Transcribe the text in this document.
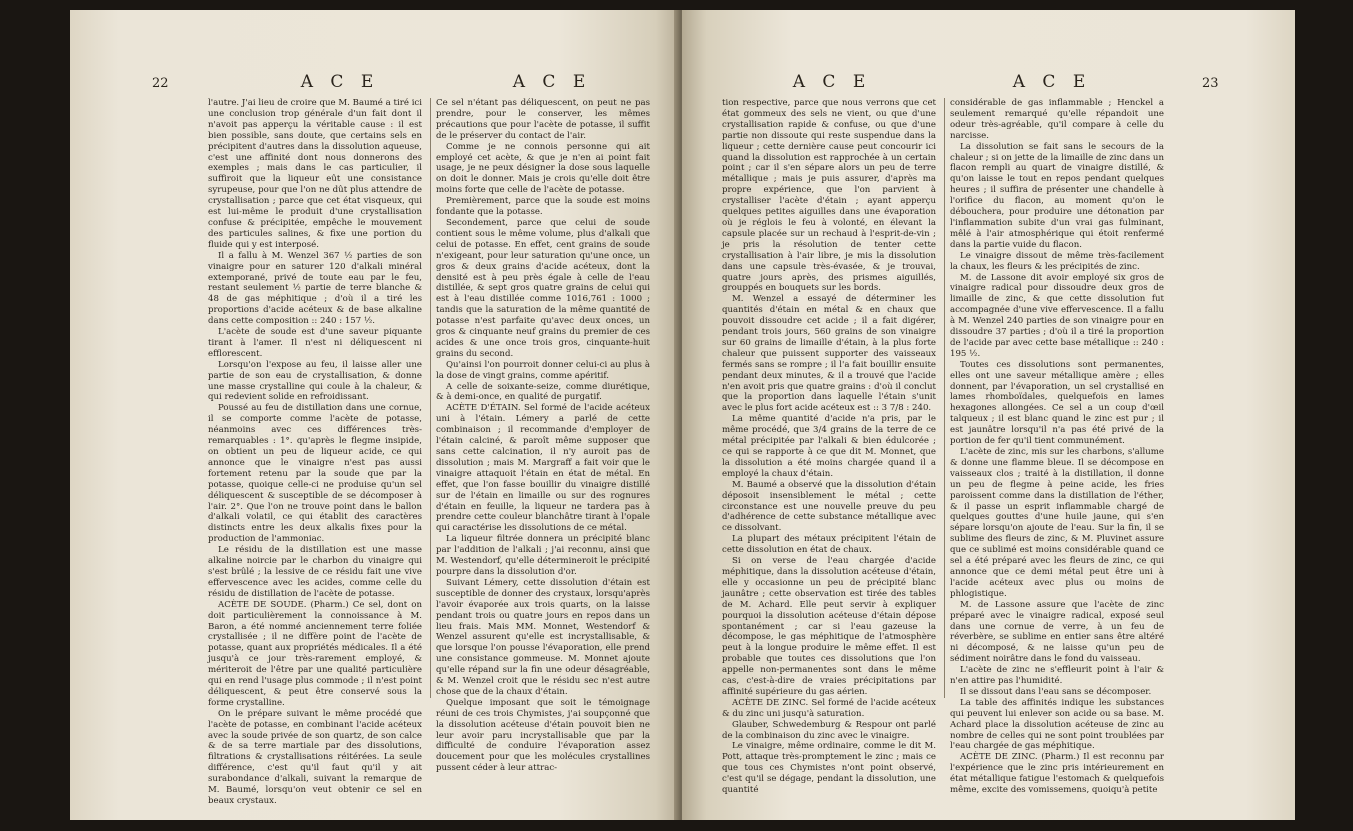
22	A C E	A C E

l'autre. J'ai lieu de croire que M. Baumé a tiré ici une conclusion trop générale d'un fait dont il n'avoit pas apperçu la véritable cause : il est bien possible, sans doute, que certains sels en précipitent d'autres dans la dissolution aqueuse, c'est une affinité dont nous donnerons des exemples ; mais dans le cas particulier, il suffiroit que la liqueur eût une consistance syrupeuse, pour que l'on ne dût plus attendre de crystallisation ; parce que cet état visqueux, qui est lui-même le produit d'une crystallisation confuse & précipitée, empêche le mouvement des particules salines, & fixe une portion du fluide qui y est interposé.

Il a fallu à M. Wenzel 367 ½ parties de son vinaigre pour en saturer 120 d'alkali minéral extemporané, privé de toute eau par le feu, restant seulement ½ partie de terre blanche & 48 de gas méphitique ; d'où il a tiré les proportions d'acide acéteux & de base alkaline dans cette composition :: 240 : 157 ½.

L'acète de soude est d'une saveur piquante tirant à l'amer. Il n'est ni déliquescent ni efflorescent.

Lorsqu'on l'expose au feu, il laisse aller une partie de son eau de crystallisation, & donne une masse crystalline qui coule à la chaleur, & qui redevient solide en refroidissant.

Poussé au feu de distillation dans une cornue, il se comporte comme l'acète de potasse, néanmoins avec ces différences très-remarquables : 1°. qu'après le flegme insipide, on obtient un peu de liqueur acide, ce qui annonce que le vinaigre n'est pas aussi fortement retenu par la soude que par la potasse, quoique celle-ci ne produise qu'un sel déliquescent & susceptible de se décomposer à l'air. 2°. Que l'on ne trouve point dans le ballon d'alkali volatil, ce qui établit des caractères distincts entre les deux alkalis fixes pour la production de l'ammoniac.

Le résidu de la distillation est une masse alkaline noircie par le charbon du vinaigre qui s'est brûlé ; la lessive de ce résidu fait une vive effervescence avec les acides, comme celle du résidu de distillation de l'acète de potasse.

ACÈTE DE SOUDE. (Pharm.) Ce sel, dont on doit particulièrement la connoissance à M. Baron, a été nommé anciennement terre foliée crystallisée ; il ne diffère point de l'acète de potasse, quant aux propriétés médicales. Il a été jusqu'à ce jour très-rarement employé, & mériteroit de l'être par une qualité particulière qui en rend l'usage plus commode ; il n'est point déliquescent, & peut être conservé sous la forme crystalline.

On le prépare suivant le même procédé que l'acète de potasse, en combinant l'acide acéteux avec la soude privée de son quartz, de son calce & de sa terre martiale par des dissolutions, filtrations & crystallisations réitérées. La seule différence, c'est qu'il faut qu'il y ait surabondance d'alkali, suivant la remarque de M. Baumé, lorsqu'on veut obtenir ce sel en beaux crystaux.

Ce sel n'étant pas déliquescent, on peut ne pas prendre, pour le conserver, les mêmes précautions que pour l'acète de potasse, il suffit de le préserver du contact de l'air.

Comme je ne connois personne qui ait employé cet acète, & que je n'en ai point fait usage, je ne peux désigner la dose sous laquelle on doit le donner. Mais je crois qu'elle doit être moins forte que celle de l'acète de potasse.

Premièrement, parce que la soude est moins fondante que la potasse.

Secondement, parce que celui de soude contient sous le même volume, plus d'alkali que celui de potasse. En effet, cent grains de soude n'exigeant, pour leur saturation qu'une once, un gros & deux grains d'acide acéteux, dont la densité est à peu près égale à celle de l'eau distillée, & sept gros quatre grains de celui qui est à l'eau distillée comme 1016,761 : 1000 ; tandis que la saturation de la même quantité de potasse n'est parfaite qu'avec deux onces, un gros & cinquante neuf grains du premier de ces acides & une once trois gros, cinquante-huit grains du second.

Qu'ainsi l'on pourroit donner celui-ci au plus à la dose de vingt grains, comme apéritif.

A celle de soixante-seize, comme diurétique, & à demi-once, en qualité de purgatif.

ACÈTE D'ÉTAIN. Sel formé de l'acide acéteux uni à l'étain. Lémery a parlé de cette combinaison ; il recommande d'employer de l'étain calciné, & paroît même supposer que sans cette calcination, il n'y auroit pas de dissolution ; mais M. Margraff a fait voir que le vinaigre attaquoit l'étain en état de métal. En effet, que l'on fasse bouillir du vinaigre distillé sur de l'étain en limaille ou sur des rognures d'étain en feuille, la liqueur ne tardera pas à prendre cette couleur blanchâtre tirant à l'opale qui caractérise les dissolutions de ce métal.

La liqueur filtrée donnera un précipité blanc par l'addition de l'alkali ; j'ai reconnu, ainsi que M. Westendorf, qu'elle détermineroit le précipité pourpre dans la dissolution d'or.

Suivant Lémery, cette dissolution d'étain est susceptible de donner des crystaux, lorsqu'après l'avoir évaporée aux trois quarts, on la laisse pendant trois ou quatre jours en repos dans un lieu frais. Mais MM. Monnet, Westendorf & Wenzel assurent qu'elle est incrystallisable, & que lorsque l'on pousse l'évaporation, elle prend une consistance gommeuse. M. Monnet ajoute qu'elle répand sur la fin une odeur désagréable, & M. Wenzel croit que le résidu sec n'est autre chose que de la chaux d'étain.

Quelque imposant que soit le témoignage réuni de ces trois Chymistes, j'ai soupçonné que la dissolution acéteuse d'étain pouvoit bien ne leur avoir paru incrystallisable que par la difficulté de conduire l'évaporation assez doucement pour que les molécules crystallines pussent céder à leur attrac-

A C E	A C E	23

tion respective, parce que nous verrons que cet état gommeux des sels ne vient, ou que d'une crystallisation rapide & confuse, ou que d'une partie non dissoute qui reste suspendue dans la liqueur ; cette dernière cause peut concourir ici quand la dissolution est rapprochée à un certain point ; car il s'en sépare alors un peu de terre métallique ; mais je puis assurer, d'après ma propre expérience, que l'on parvient à crystalliser l'acète d'étain ; ayant apperçu quelques petites aiguilles dans une évaporation où je réglois le feu à volonté, en élevant la capsule placée sur un rechaud à l'esprit-de-vin ; je pris la résolution de tenter cette crystallisation à l'air libre, je mis la dissolution dans une capsule très-évasée, & je trouvai, quatre jours après, des prismes aiguillés, grouppés en bouquets sur les bords.

M. Wenzel a essayé de déterminer les quantités d'étain en métal & en chaux que pouvoit dissoudre cet acide ; il a fait digérer, pendant trois jours, 560 grains de son vinaigre sur 60 grains de limaille d'étain, à la plus forte chaleur que puissent supporter des vaisseaux fermés sans se rompre ; il l'a fait bouillir ensuite pendant deux minutes, & il a trouvé que l'acide n'en avoit pris que quatre grains : d'où il conclut que la proportion dans laquelle l'étain s'unit avec le plus fort acide acéteux est :: 3 7/8 : 240.

La même quantité d'acide n'a pris, par le même procédé, que 3/4 grains de la terre de ce métal précipitée par l'alkali & bien édulcorée ; ce qui se rapporte à ce que dit M. Monnet, que la dissolution a été moins chargée quand il a employé la chaux d'étain.

M. Baumé a observé que la dissolution d'étain déposoit insensiblement le métal ; cette circonstance est une nouvelle preuve du peu d'adhérence de cette substance métallique avec ce dissolvant.

La plupart des métaux précipitent l'étain de cette dissolution en état de chaux.

Si on verse de l'eau chargée d'acide méphitique, dans la dissolution acéteuse d'étain, elle y occasionne un peu de précipité blanc jaunâtre ; cette observation est tirée des tables de M. Achard. Elle peut servir à expliquer pourquoi la dissolution acéteuse d'étain dépose spontanément ; car si l'eau gazeuse la décompose, le gas méphitique de l'atmosphère peut à la longue produire le même effet. Il est probable que toutes ces dissolutions que l'on appelle non-permanentes sont dans le même cas, c'est-à-dire de vraies précipitations par affinité supérieure du gas aérien.

ACÈTE DE ZINC. Sel formé de l'acide acéteux & du zinc uni jusqu'à saturation.

Glauber, Schwedemburg & Respour ont parlé de la combinaison du zinc avec le vinaigre.

Le vinaigre, même ordinaire, comme le dit M. Pott, attaque très-promptement le zinc ; mais ce que tous ces Chymistes n'ont point observé, c'est qu'il se dégage, pendant la dissolution, une quantité

considérable de gas inflammable ; Henckel a seulement remarqué qu'elle répandoit une odeur très-agréable, qu'il compare à celle du narcisse.

La dissolution se fait sans le secours de la chaleur ; si on jette de la limaille de zinc dans un flacon rempli au quart de vinaigre distillé, & qu'on laisse le tout en repos pendant quelques heures ; il suffira de présenter une chandelle à l'orifice du flacon, au moment qu'on le débouchera, pour produire une détonation par l'inflammation subite d'un vrai gas fulminant, mêlé à l'air atmosphérique qui étoit renfermé dans la partie vuide du flacon.

Le vinaigre dissout de même très-facilement la chaux, les fleurs & les précipités de zinc.

M. de Lassone dit avoir employé six gros de vinaigre radical pour dissoudre deux gros de limaille de zinc, & que cette dissolution fut accompagnée d'une vive effervescence. Il a fallu à M. Wenzel 240 parties de son vinaigre pour en dissoudre 37 parties ; d'où il a tiré la proportion de l'acide par avec cette base métallique :: 240 : 195 ½.

Toutes ces dissolutions sont permanentes, elles ont une saveur métallique amère ; elles donnent, par l'évaporation, un sel crystallisé en lames rhomboïdales, quelquefois en lames hexagones allongées. Ce sel a un coup d'œil talqueux ; il est blanc quand le zinc est pur ; il est jaunâtre lorsqu'il n'a pas été privé de la portion de fer qu'il tient communément.

L'acète de zinc, mis sur les charbons, s'allume & donne une flamme bleue. Il se décompose en vaisseaux clos ; traité à la distillation, il donne un peu de flegme à peine acide, les fries paroissent comme dans la distillation de l'éther, & il passe un esprit inflammable chargé de quelques gouttes d'une huile jaune, qui s'en sépare lorsqu'on ajoute de l'eau. Sur la fin, il se sublime des fleurs de zinc, & M. Pluvinet assure que ce sublimé est moins considérable quand ce sel a été préparé avec les fleurs de zinc, ce qui annonce que ce demi métal peut être uni à l'acide acéteux avec plus ou moins de phlogistique.

M. de Lassone assure que l'acète de zinc préparé avec le vinaigre radical, exposé seul dans une cornue de verre, à un feu de réverbère, se sublime en entier sans être altéré ni décomposé, & ne laisse qu'un peu de sédiment noirâtre dans le fond du vaisseau.

L'acète de zinc ne s'effleurit point à l'air & n'en attire pas l'humidité.

Il se dissout dans l'eau sans se décomposer.

La table des affinités indique les substances qui peuvent lui enlever son acide ou sa base. M. Achard place la dissolution acéteuse de zinc au nombre de celles qui ne sont point troublées par l'eau chargée de gas méphitique.

ACÈTE DE ZINC. (Pharm.) Il est reconnu par l'expérience que le zinc pris intérieurement en état métallique fatigue l'estomach & quelquefois même, excite des vomissemens, quoiqu'à petite
